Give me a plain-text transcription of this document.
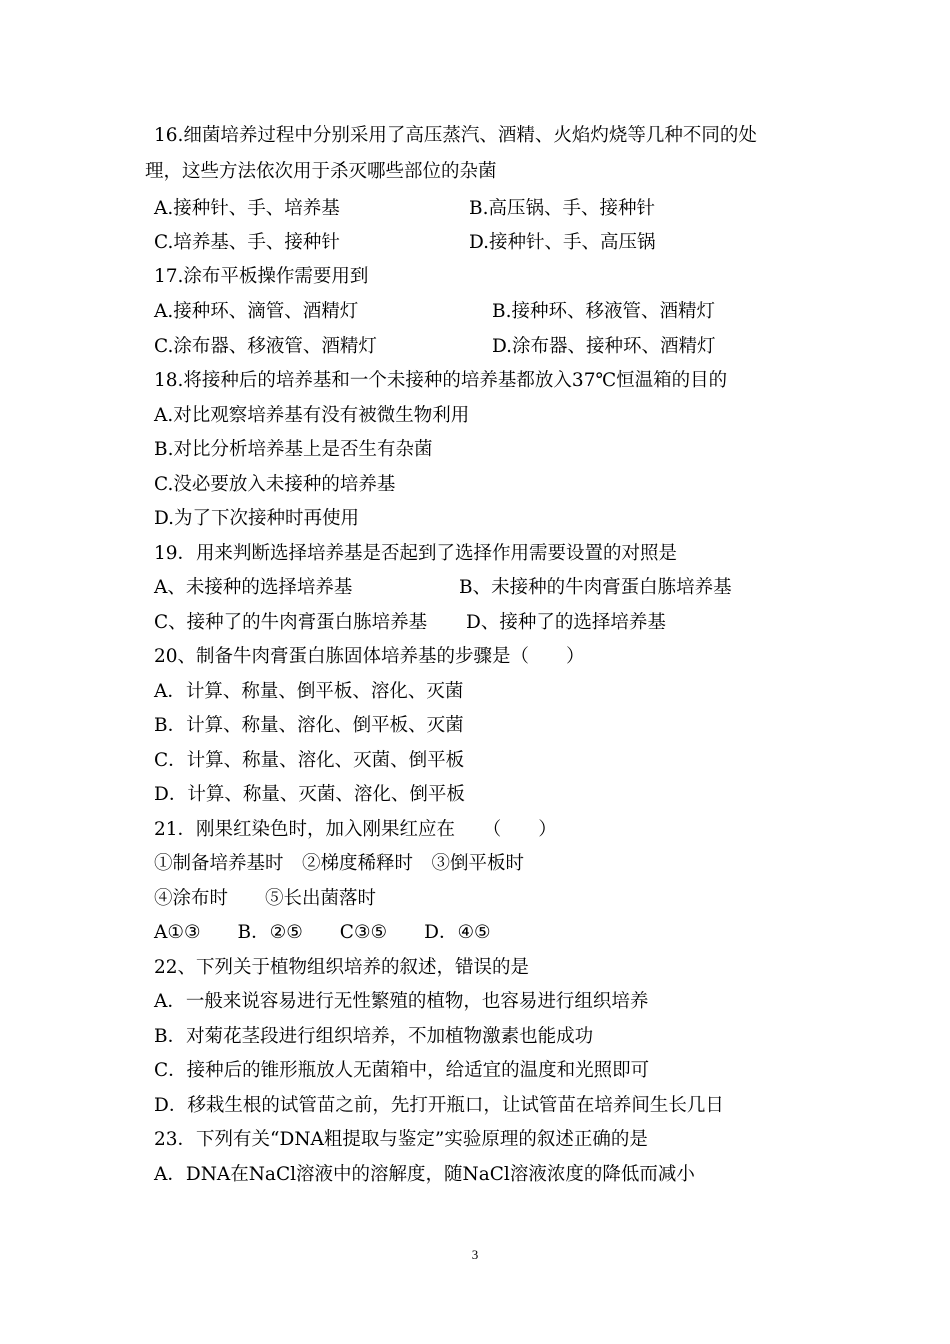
16.细菌培养过程中分别采用了高压蒸汽、酒精、火焰灼烧等几种不同的处
理，这些方法依次用于杀灭哪些部位的杂菌
A.接种针、手、培养基	B.高压锅、手、接种针
C.培养基、手、接种针	D.接种针、手、高压锅
17.涂布平板操作需要用到
A.接种环、滴管、酒精灯	B.接种环、移液管、酒精灯
C.涂布器、移液管、酒精灯	D.涂布器、接种环、酒精灯
18.将接种后的培养基和一个未接种的培养基都放入37℃恒温箱的目的
A.对比观察培养基有没有被微生物利用
B.对比分析培养基上是否生有杂菌
C.没必要放入未接种的培养基
D.为了下次接种时再使用
19．用来判断选择培养基是否起到了选择作用需要设置的对照是
A、未接种的选择培养基	B、未接种的牛肉膏蛋白胨培养基
C、接种了的牛肉膏蛋白胨培养基 D、接种了的选择培养基
20、制备牛肉膏蛋白胨固体培养基的步骤是（　　）
A．计算、称量、倒平板、溶化、灭菌
B．计算、称量、溶化、倒平板、灭菌
C．计算、称量、溶化、灭菌、倒平板
D．计算、称量、灭菌、溶化、倒平板
21．刚果红染色时，加入刚果红应在　　（　　）
①制备培养基时　②梯度稀释时　③倒平板时
④涂布时　　⑤长出菌落时
A①③　　B．②⑤　　C③⑤　　D．④⑤
22、下列关于植物组织培养的叙述，错误的是
A．一般来说容易进行无性繁殖的植物，也容易进行组织培养
B．对菊花茎段进行组织培养，不加植物激素也能成功
C．接种后的锥形瓶放人无菌箱中，给适宜的温度和光照即可
D．移栽生根的试管苗之前，先打开瓶口，让试管苗在培养间生长几日
23．下列有关“DNA粗提取与鉴定”实验原理的叙述正确的是
A．DNA在NaCl溶液中的溶解度，随NaCl溶液浓度的降低而减小
3
